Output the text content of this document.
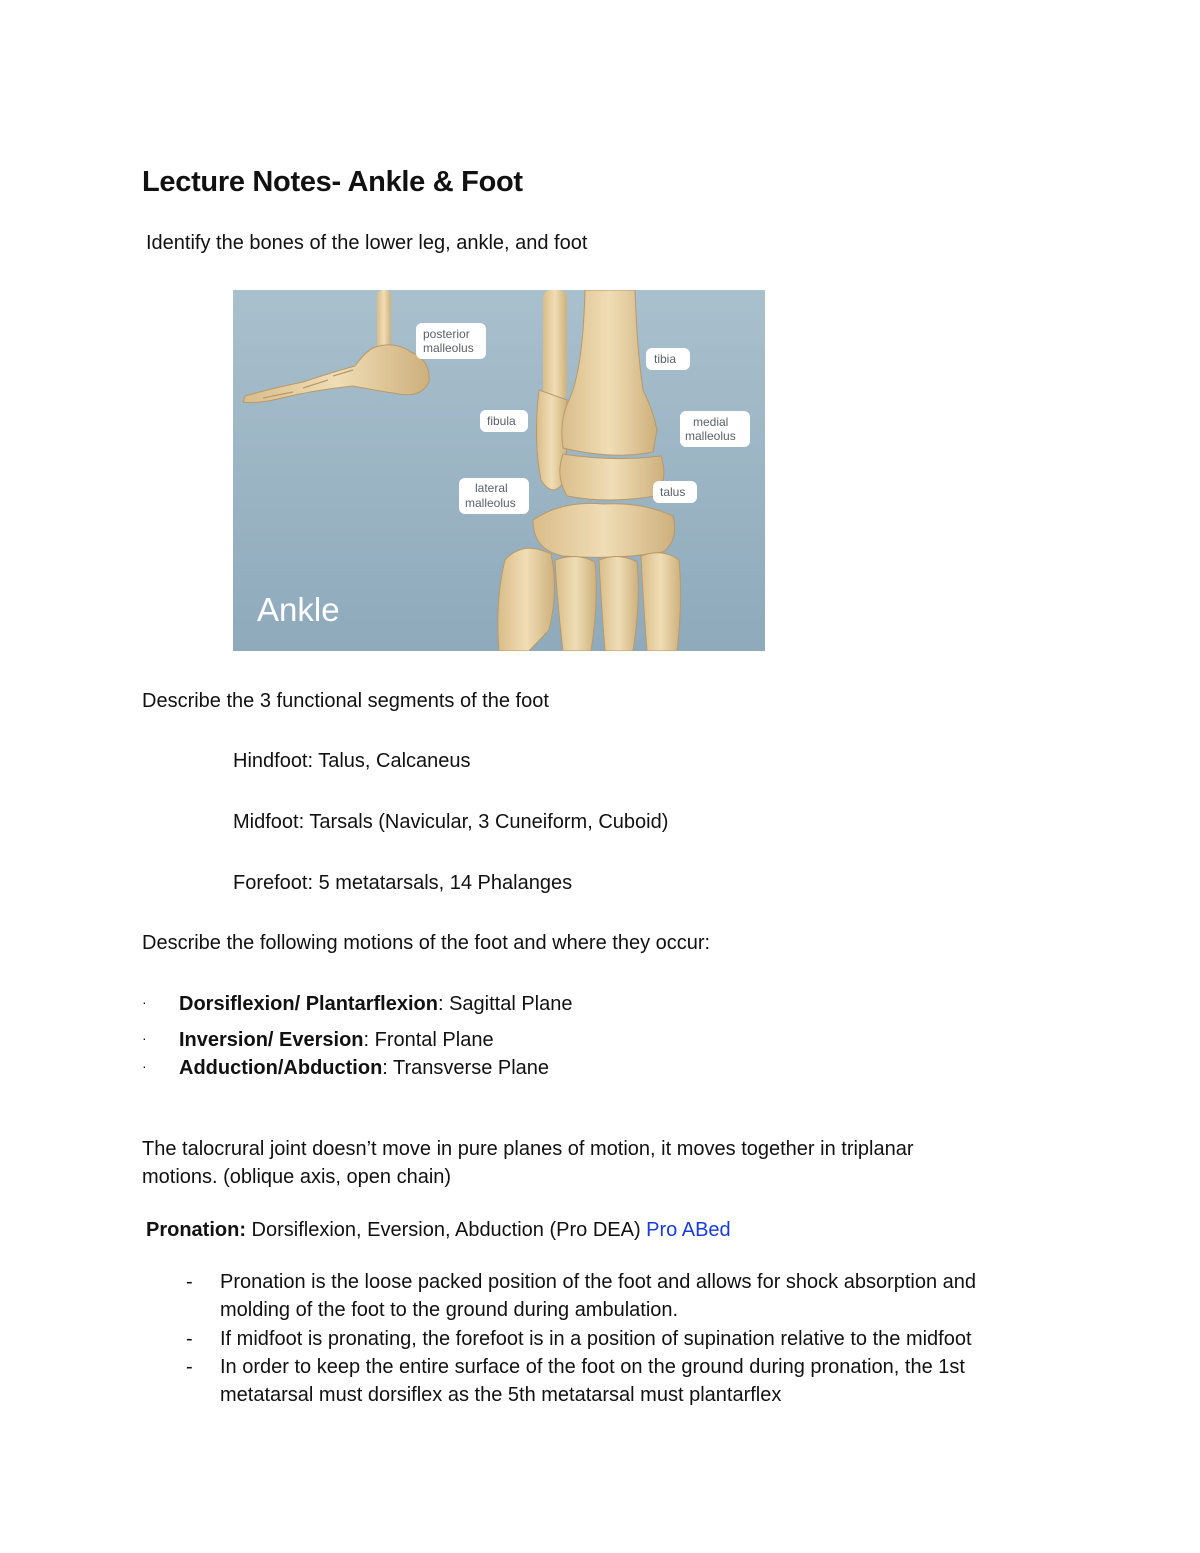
Lecture Notes- Ankle & Foot
Identify the bones of the lower leg, ankle, and foot
posterior
malleolus
tibia
fibula	medial
malleolus
lateral
malleolus
talus
Ankle
Describe the 3 functional segments of the foot
Hindfoot: Talus, Calcaneus
Midfoot: Tarsals (Navicular, 3 Cuneiform, Cuboid)
Forefoot: 5 metatarsals, 14 Phalanges
Describe the following motions of the foot and where they occur:
· Dorsiflexion/ Plantarflexion: Sagittal Plane
· Inversion/ Eversion: Frontal Plane
· Adduction/Abduction: Transverse Plane
The talocrural joint doesn’t move in pure planes of motion, it moves together in triplanar
motions. (oblique axis, open chain)
Pronation: Dorsiflexion, Eversion, Abduction (Pro DEA) Pro ABed
- Pronation is the loose packed position of the foot and allows for shock absorption and
molding of the foot to the ground during ambulation.
- If midfoot is pronating, the forefoot is in a position of supination relative to the midfoot
- In order to keep the entire surface of the foot on the ground during pronation, the 1st
metatarsal must dorsiflex as the 5th metatarsal must plantarflex
